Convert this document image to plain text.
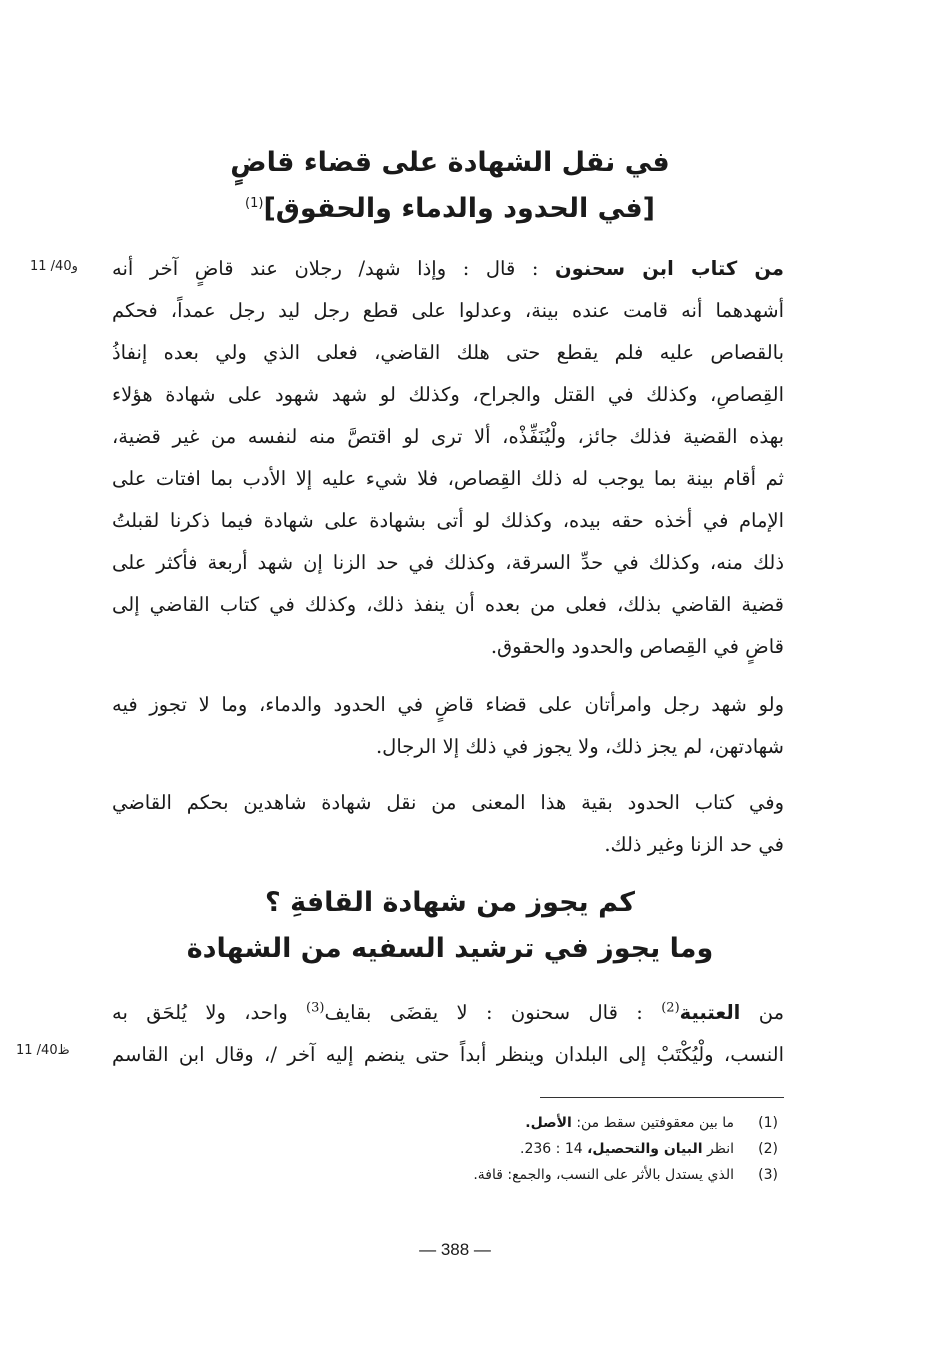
في نقل الشهادة على قضاء قاضٍ
[في الحدود والدماء والحقوق]$^{(1)}$
11 /40و	من كتاب ابن سحنون : قال : وإذا شهد/ رجلان عند قاضٍ آخر أنه
أشهدهما أنه قامت عنده بينة، وعدلوا على قطع رجل ليد رجل عمداً، فحكم
بالقصاص عليه فلم يقطع حتى هلك القاضي، فعلى الذي ولي بعده إنفاذُ
القِصاصِ، وكذلك في القتل والجراح، وكذلك لو شهد شهود على شهادة هؤلاء
بهذه القضية فذلك جائز، ولْيُنَفِّذْه، ألا ترى لو اقتصَّ منه لنفسه من غير قضية،
ثم أقام بينة بما يوجب له ذلك القِصاص، فلا شيء عليه إلا الأدب بما افتات على
الإمام في أخذه حقه بيده، وكذلك لو أتى بشهادة على شهادة فيما ذكرنا لقبلتُ
ذلك منه، وكذلك في حدِّ السرقة، وكذلك في حد الزنا إن شهد أربعة فأكثر على
قضية القاضي بذلك، فعلى من بعده أن ينفذ ذلك، وكذلك في كتاب القاضي إلى
قاضٍ في القِصاص والحدود والحقوق.
ولو شهد رجل وامرأتان على قضاء قاضٍ في الحدود والدماء، وما لا تجوز فيه
شهادتهن، لم يجز ذلك، ولا يجوز في ذلك إلا الرجال.
وفي كتاب الحدود بقية هذا المعنى من نقل شهادة شاهدين بحكم القاضي
في حد الزنا وغير ذلك.
كم يجوز من شهادة القافةِ ؟
وما يجوز في ترشيد السفيه من الشهادة
من العتبية$^{(2)}$ : قال سحنون : لا يقضَى بقايف$^{(3)}$ واحد، ولا يُلحَق به
النسب، ولْيُكْتَبْ إلى البلدان وينظر أبداً حتى ينضم إليه آخر /، وقال ابن القاسم
11 /40ظ
(1)
ما بين معقوفتين سقط من: الأصل.
(2)
انظر البيان والتحصيل، 14 : 236.
(3)
الذي يستدل بالأثر على النسب، والجمع: قافة.
— 388 —
